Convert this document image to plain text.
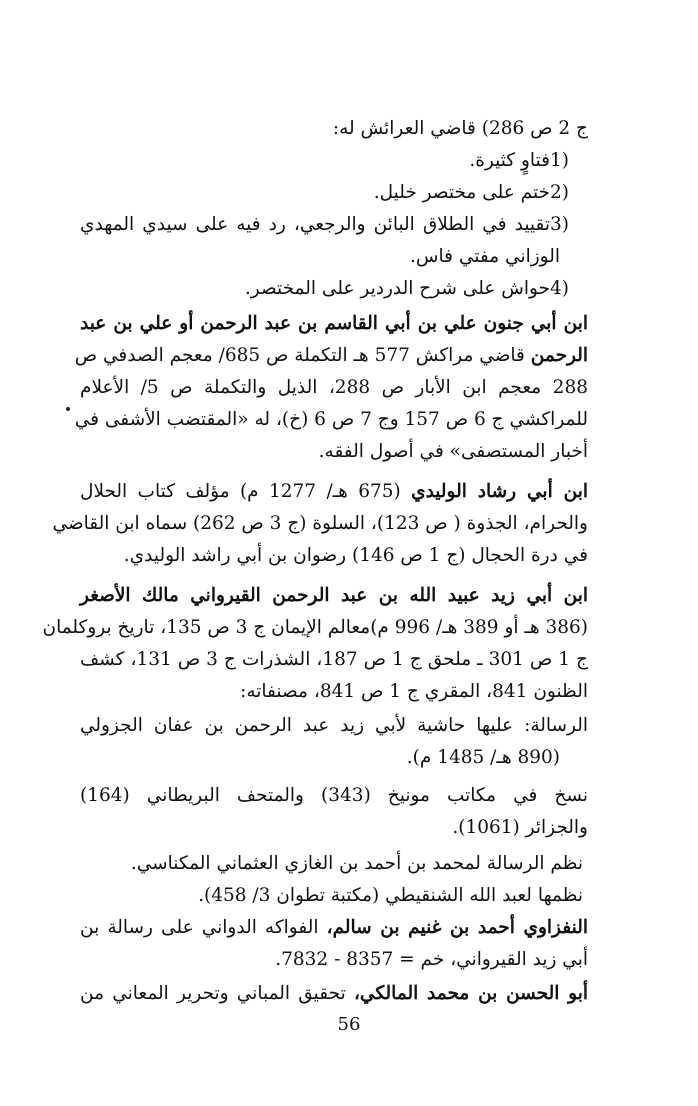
ج 2 ص 286) قاضي العرائش له:
1)فتاوٍ كثيرة.
2)ختم على مختصر خليل.
3)تقييد في الطلاق البائن والرجعي، رد فيه على سيدي المهدي
الوزاني مفتي فاس.
4)حواش على شرح الدردير على المختصر.
ابن أبي جنون علي بن أبي القاسم بن عبد الرحمن أو علي بن عبد
الرحمن قاضي مراكش 577 هـ التكملة ص 685/ معجم الصدفي ص
288 معجم ابن الأبار ص 288، الذيل والتكملة ص 5/ الأعلام
للمراكشي ج 6 ص 157 وج 7 ص 6 (خ)، له «المقتضب الأشفى في
أخبار المستصفى» في أصول الفقه.
ابن أبي رشاد الوليدي (675 هـ/ 1277 م) مؤلف كتاب الحلال
والحرام، الجذوة ( ص 123)، السلوة (ج 3 ص 262) سماه ابن القاضي
في درة الحجال (ج 1 ص 146) رضوان بن أبي راشد الوليدي.
ابن أبي زيد عبيد الله بن عبد الرحمن القيرواني مالك الأصغر
(386 هـ أو 389 هـ/ 996 م)معالم الإيمان ج 3 ص 135، تاريخ بروكلمان
ج 1 ص 301 ـ ملحق ج 1 ص 187، الشذرات ج 3 ص 131، كشف
الظنون 841، المقري ج 1 ص 841، مصنفاته:
الرسالة: عليها حاشية لأبي زيد عبد الرحمن بن عفان الجزولي
(890 هـ/ 1485 م).
نسخ في مكاتب مونيخ (343) والمتحف البريطاني (164)
والجزائر (1061).
نظم الرسالة لمحمد بن أحمد بن الغازي العثماني المكناسي.
نظمها لعبد الله الشنقيطي (مكتبة تطوان 3/ 458).
النفزاوي أحمد بن غنيم بن سالم، الفواكه الدواني على رسالة بن
أبي زيد القيرواني، خم = 8357 - 7832.
أبو الحسن بن محمد المالكي، تحقيق المباني وتحرير المعاني من
56
